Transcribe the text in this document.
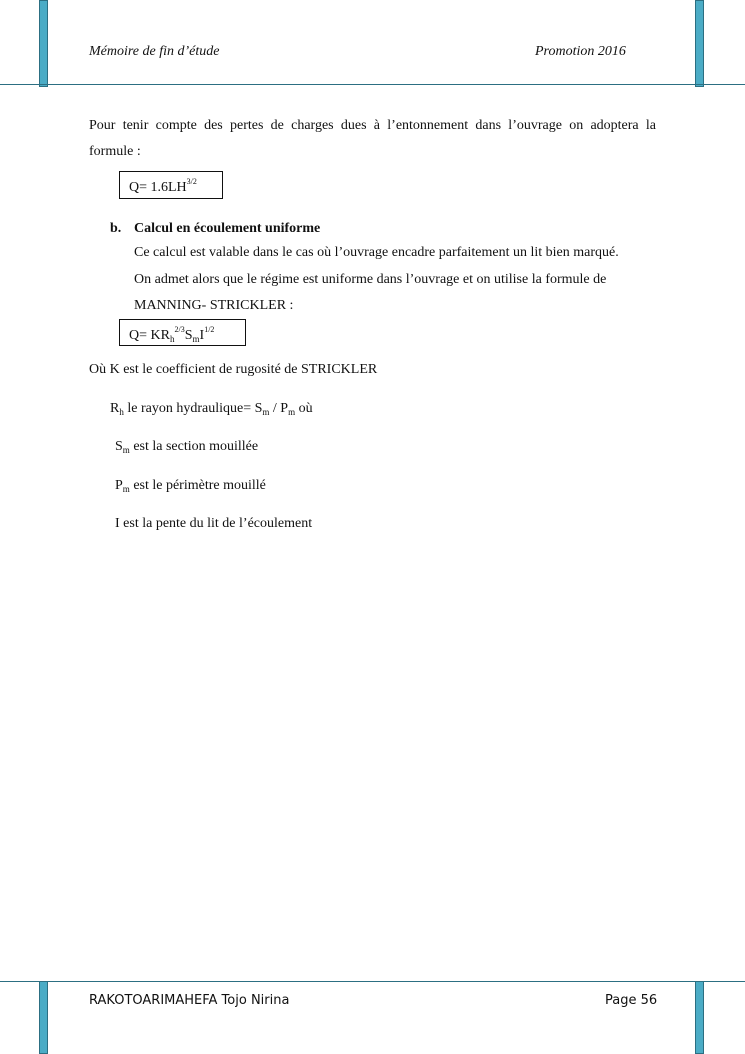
Mémoire de fin d’étude	Promotion 2016
Pour tenir compte des pertes de charges dues à l’entonnement dans l’ouvrage on adoptera la
formule :
$Q= 1.6LH^{3/2}$
b. Calcul en écoulement uniforme
Ce calcul est valable dans le cas où l’ouvrage encadre parfaitement un lit bien marqué.
On admet alors que le régime est uniforme dans l’ouvrage et on utilise la formule de
MANNING- STRICKLER :
$Q= KR_h^{2/3}S_mI^{1/2}$
Où K est le coefficient de rugosité de STRICKLER
$R_h$ le rayon hydraulique= $S_m / P_m$ où
$S_m$ est la section mouillée
$P_m$ est le périmètre mouillé
I est la pente du lit de l’écoulement
RAKOTOARIMAHEFA Tojo Nirina	Page 56
